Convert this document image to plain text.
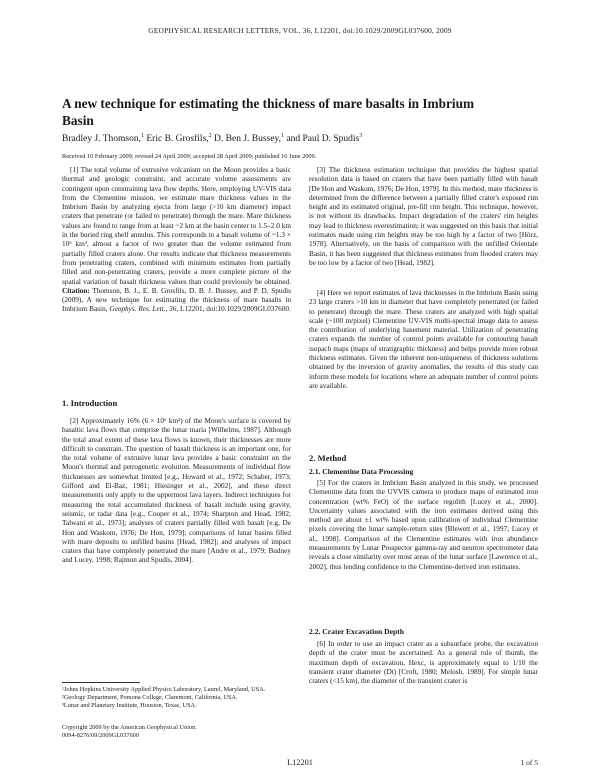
GEOPHYSICAL RESEARCH LETTERS, VOL. 36, L12201, doi:10.1029/2009GL037600, 2009
A new technique for estimating the thickness of mare basalts in Imbrium Basin
Bradley J. Thomson,$^1$ Eric B. Grosfils,$^2$ D. Ben J. Bussey,$^1$ and Paul D. Spudis$^3$
Received 10 February 2009; revised 24 April 2009; accepted 28 April 2009; published 16 June 2009.

[1] The total volume of extrusive volcanism on the Moon provides a basic thermal and geologic constraint, and accurate volume assessments are contingent upon constraining lava flow depths. Here, employing UV-VIS data from the Clementine mission, we estimate mare thickness values in the Imbrium Basin by analyzing ejecta from large (>10 km diameter) impact craters that penetrate (or failed to penetrate) through the mare. Mare thickness values are found to range from at least ~2 km at the basin center to 1.5–2.0 km in the buried ring shelf annulus. This corresponds to a basalt volume of ~1.3 × 10⁶ km³, almost a factor of two greater than the volume estimated from partially filled craters alone. Our results indicate that thickness measurements from penetrating craters, combined with minimum estimates from partially filled and non-penetrating craters, provide a more complete picture of the spatial variation of basalt thickness values than could previously be obtained. Citation: Thomson, B. J., E. B. Grosfils, D. B. J. Bussey, and P. D. Spudis (2009), A new technique for estimating the thickness of mare basalts in Imbrium Basin, Geophys. Res. Lett., 36, L12201, doi:10.1029/2009GL037600.

1. Introduction

[2] Approximately 16% (6 × 10⁶ km²) of the Moon's surface is covered by basaltic lava flows that comprise the lunar maria [Wilhelms, 1987]. Although the total areal extent of these lava flows is known, their thicknesses are more difficult to constrain. The question of basalt thickness is an important one, for the total volume of extrusive lunar lava provides a basic constraint on the Moon's thermal and petrogenetic evolution. Measurements of individual flow thicknesses are somewhat limited [e.g., Howard et al., 1972; Schaber, 1973; Gifford and El-Baz, 1981; Hiesinger et al., 2002], and these direct measurements only apply to the uppermost lava layers. Indirect techniques for measuring the total accumulated thickness of basalt include using gravity, seismic, or radar data [e.g., Cooper et al., 1974; Sharpton and Head, 1982; Talwani et al., 1973]; analyses of craters partially filled with basalt [e.g, De Hon and Waskom, 1976; De Hon, 1979]; comparisons of lunar basins filled with mare deposits to unfilled basins [Head, 1982]; and analyses of impact craters that have completely penetrated the mare [Andre et al., 1979; Budney and Lucey, 1998; Rajmon and Spudis, 2004].

¹Johns Hopkins University Applied Physics Laboratory, Laurel, Maryland, USA.
²Geology Department, Pomona College, Claremont, California, USA.
³Lunar and Planetary Institute, Houston, Texas, USA.
Copyright 2009 by the American Geophysical Union.
0094-8276/09/2009GL037600

[3] The thickness estimation technique that provides the highest spatial resolution data is based on craters that have been partially filled with basalt [De Hon and Waskom, 1976; De Hon, 1979]. In this method, mare thickness is determined from the difference between a partially filled crater's exposed rim height and its estimated original, pre-fill rim height. This technique, however, is not without its drawbacks. Impact degradation of the craters' rim heights may lead to thickness overestimation; it was suggested on this basis that initial estimates made using rim heights may be too high by a factor of two [Hörz, 1978]. Alternatively, on the basis of comparison with the unfilled Orientale Basin, it has been suggested that thickness estimates from flooded craters may be too low by a factor of two [Head, 1982].

[4] Here we report estimates of lava thicknesses in the Imbrium Basin using 23 large craters >10 km in diameter that have completely penetrated (or failed to penetrate) through the mare. These craters are analyzed with high spatial scale (~100 m/pixel) Clementine UV-VIS multi-spectral image data to assess the contribution of underlying basement material. Utilization of penetrating craters expands the number of control points available for contouring basalt isopach maps (maps of stratigraphic thickness) and helps provide more robust thickness estimates. Given the inherent non-uniqueness of thickness solutions obtained by the inversion of gravity anomalies, the results of this study can inform these models for locations where an adequate number of control points are available.

2. Method
2.1. Clementine Data Processing

[5] For the craters in Imbrium Basin analyzed in this study, we processed Clementine data from the UVVIS camera to produce maps of estimated iron concentration (wt% FeO) of the surface regolith [Lucey et al., 2000]. Uncertainty values associated with the iron estimates derived using this method are about ±1 wt% based upon calibration of individual Clementine pixels covering the lunar sample-return sites [Blewett et al., 1997; Lucey et al., 1998]. Comparison of the Clementine estimates with iron abundance measurements by Lunar Prospector gamma-ray and neutron spectrometer data reveals a close similarity over most areas of the lunar surface [Lawrence et al., 2002], thus lending confidence to the Clementine-derived iron estimates.

2.2. Crater Excavation Depth

[6] In order to use an impact crater as a subsurface probe, the excavation depth of the crater must be ascertained. As a general rule of thumb, the maximum depth of excavation, Hexc, is approximately equal to 1/10 the transient crater diameter (Dt) [Croft, 1980; Melosh, 1989]. For simple lunar craters (<15 km), the diameter of the transient crater is

L12201	1 of 5
